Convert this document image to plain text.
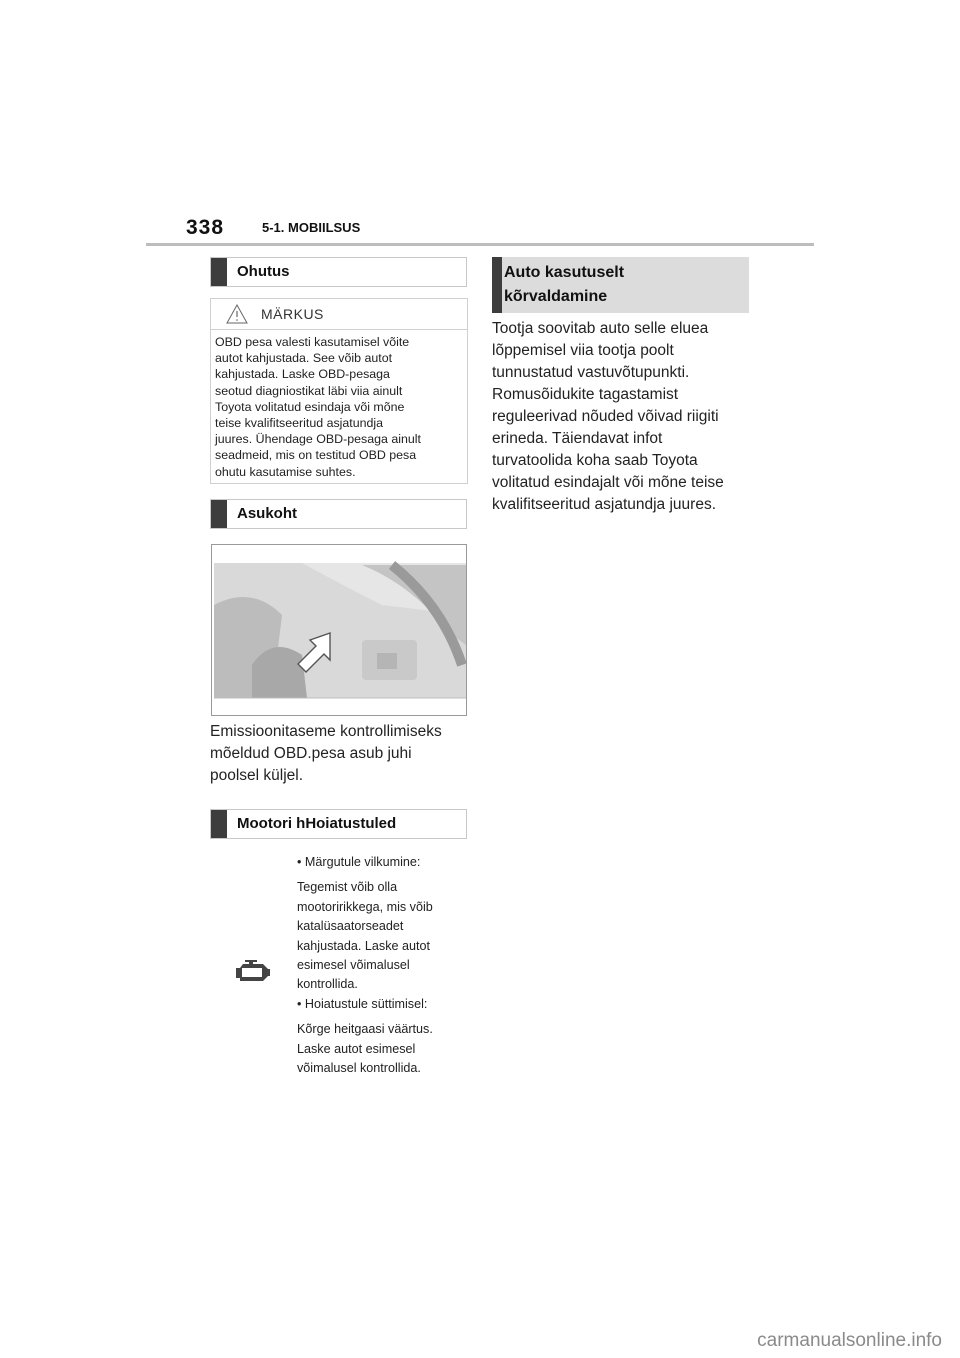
338	5-1. MOBIILSUS
Ohutus
MÄRKUS
OBD pesa valesti kasutamisel võite
autot kahjustada. See võib autot
kahjustada. Laske OBD-pesaga
seotud diagniostikat läbi viia ainult
Toyota volitatud esindaja või mõne
teise kvalifitseeritud asjatundja
juures. Ühendage OBD-pesaga ainult
seadmeid, mis on testitud OBD pesa
ohutu kasutamise suhtes.
Asukoht
Emissioonitaseme kontrollimiseks
mõeldud OBD.pesa asub juhi
poolsel küljel.
Mootori hHoiatustuled

• Märgutule vilkumine:

Tegemist võib olla

mootoririkkega, mis võib

katalüsaatorseadet

kahjustada. Laske autot

esimesel võimalusel

kontrollida.

• Hoiatustule süttimisel:

Kõrge heitgaasi väärtus.

Laske autot esimesel

võimalusel kontrollida.

Auto kasutuselt
kõrvaldamine
Tootja soovitab auto selle eluea
lõppemisel viia tootja poolt
tunnustatud vastuvõtupunkti.
Romusõidukite tagastamist
reguleerivad nõuded võivad riigiti
erineda. Täiendavat infot
turvatoolida koha saab Toyota
volitatud esindajalt või mõne teise
kvalifitseeritud asjatundja juures.
carmanualsonline.info
